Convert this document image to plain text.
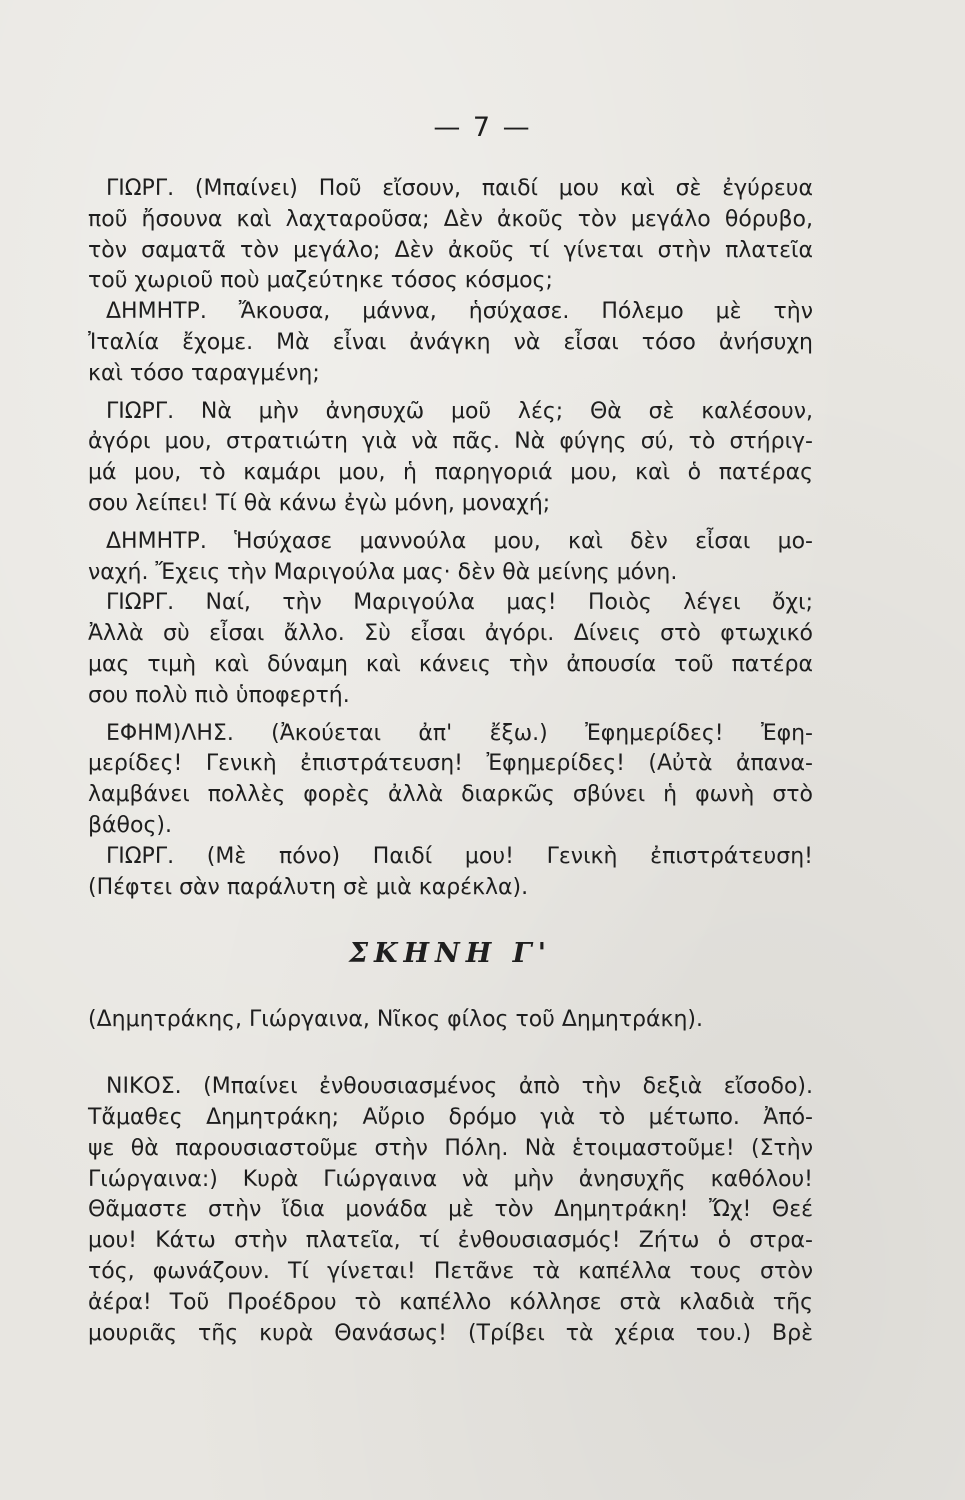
— 7 —
ΓΙΩΡΓ. (Μπαίνει) Ποῦ εἴσουν, παιδί μου καὶ σὲ ἐγύρευα
ποῦ ἤσουνα καὶ λαχταροῦσα; Δὲν ἀκοῦς τὸν μεγάλο θόρυβο,
τὸν σαματᾶ τὸν μεγάλο; Δὲν ἀκοῦς τί γίνεται στὴν πλατεῖα
τοῦ χωριοῦ ποὺ μαζεύτηκε τόσος κόσμος;
ΔΗΜΗΤΡ. Ἄκουσα, μάννα, ἡσύχασε. Πόλεμο μὲ τὴν
Ἰταλία ἔχομε. Μὰ εἶναι ἀνάγκη νὰ εἶσαι τόσο ἀνήσυχη
καὶ τόσο ταραγμένη;
ΓΙΩΡΓ. Νὰ μὴν ἀνησυχῶ μοῦ λές; Θὰ σὲ καλέσουν,
ἀγόρι μου, στρατιώτη γιὰ νὰ πᾶς. Νὰ φύγης σύ, τὸ στήριγ-
μά μου, τὸ καμάρι μου, ἡ παρηγοριά μου, καὶ ὁ πατέρας
σου λείπει! Τί θὰ κάνω ἐγὼ μόνη, μοναχή;
ΔΗΜΗΤΡ. Ἡσύχασε μαννούλα μου, καὶ δὲν εἶσαι μο-
ναχή. Ἔχεις τὴν Μαριγούλα μας· δὲν θὰ μείνης μόνη.
ΓΙΩΡΓ. Ναί, τὴν Μαριγούλα μας! Ποιὸς λέγει ὄχι;
Ἀλλὰ σὺ εἶσαι ἄλλο. Σὺ εἶσαι ἀγόρι. Δίνεις στὸ φτωχικό
μας τιμὴ καὶ δύναμη καὶ κάνεις τὴν ἀπουσία τοῦ πατέρα
σου πολὺ πιὸ ὑποφερτή.
ΕΦΗΜ)ΛΗΣ. (Ἀκούεται ἀπ' ἔξω.) Ἐφημερίδες! Ἐφη-
μερίδες! Γενικὴ ἐπιστράτευση! Ἐφημερίδες! (Αὐτὰ ἀπανα-
λαμβάνει πολλὲς φορὲς ἀλλὰ διαρκῶς σβύνει ἡ φωνὴ στὸ
βάθος).
ΓΙΩΡΓ. (Μὲ πόνο) Παιδί μου! Γενικὴ ἐπιστράτευση!
(Πέφτει σὰν παράλυτη σὲ μιὰ καρέκλα).
ΣΚΗΝΗ Γ'
(Δημητράκης, Γιώργαινα, Νῖκος φίλος τοῦ Δημητράκη).
ΝΙΚΟΣ. (Μπαίνει ἐνθουσιασμένος ἀπὸ τὴν δεξιὰ εἴσοδο).
Τἄμαθες Δημητράκη; Αὔριο δρόμο γιὰ τὸ μέτωπο. Ἀπό-
ψε θὰ παρουσιαστοῦμε στὴν Πόλη. Νὰ ἑτοιμαστοῦμε! (Στὴν
Γιώργαινα:) Κυρὰ Γιώργαινα νὰ μὴν ἀνησυχῆς καθόλου!
Θᾶμαστε στὴν ἴδια μονάδα μὲ τὸν Δημητράκη! Ὤχ! Θεέ
μου! Κάτω στὴν πλατεῖα, τί ἐνθουσιασμός! Ζήτω ὁ στρα-
τός, φωνάζουν. Τί γίνεται! Πετᾶνε τὰ καπέλλα τους στὸν
ἀέρα! Τοῦ Προέδρου τὸ καπέλλο κόλλησε στὰ κλαδιὰ τῆς
μουριᾶς τῆς κυρὰ Θανάσως! (Τρίβει τὰ χέρια του.) Βρὲ
